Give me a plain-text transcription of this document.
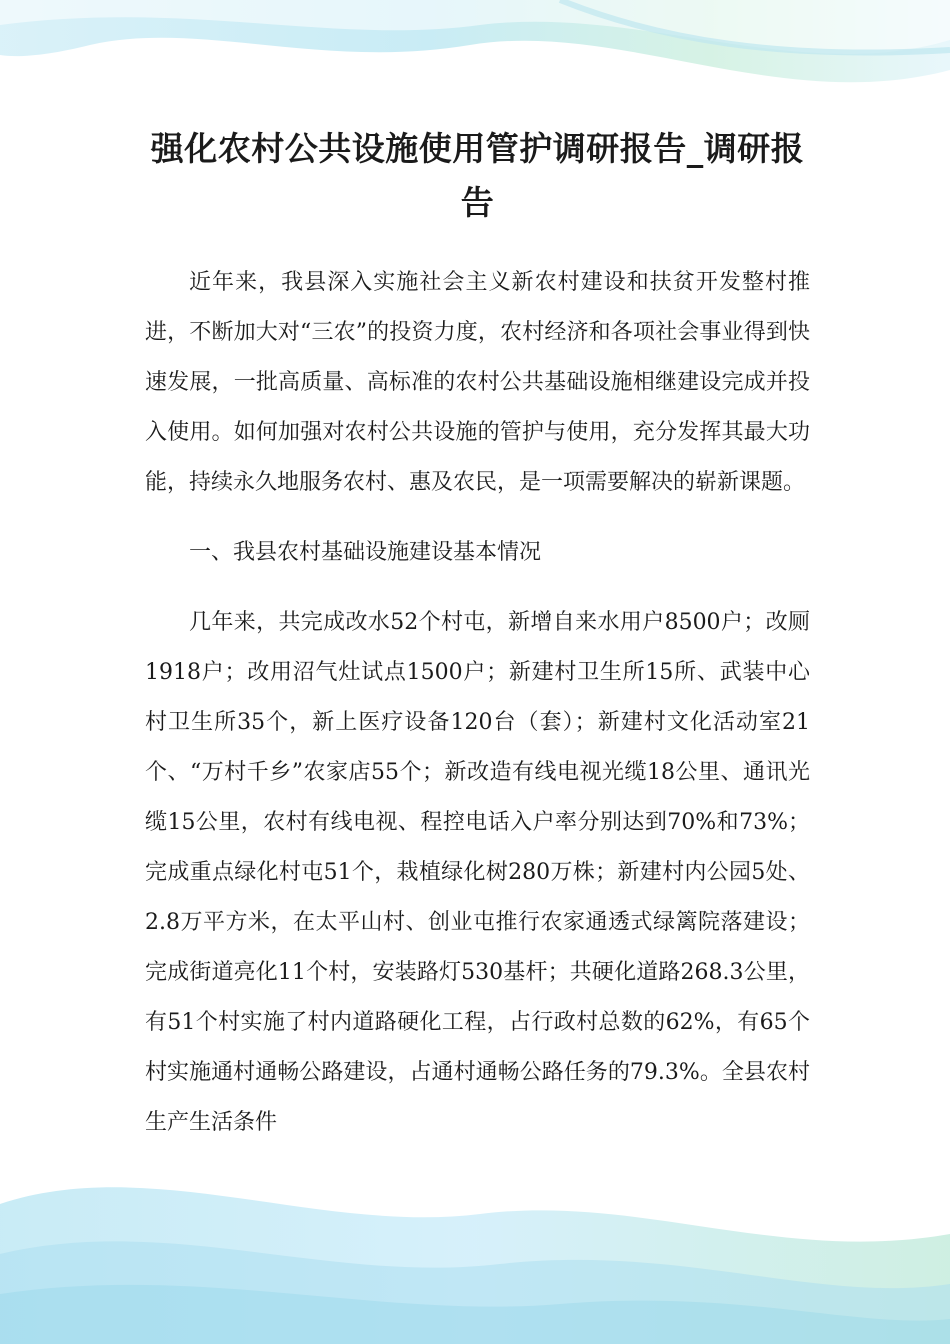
强化农村公共设施使用管护调研报告_调研报告

近年来，我县深入实施社会主义新农村建设和扶贫开发整村推进，不断加大对“三农”的投资力度，农村经济和各项社会事业得到快速发展，一批高质量、高标准的农村公共基础设施相继建设完成并投入使用。如何加强对农村公共设施的管护与使用，充分发挥其最大功能，持续永久地服务农村、惠及农民，是一项需要解决的崭新课题。

一、我县农村基础设施建设基本情况

几年来，共完成改水52个村屯，新增自来水用户8500户；改厕1918户；改用沼气灶试点1500户；新建村卫生所15所、武装中心村卫生所35个，新上医疗设备120台（套）；新建村文化活动室21个、“万村千乡”农家店55个；新改造有线电视光缆18公里、通讯光缆15公里，农村有线电视、程控电话入户率分别达到70%和73%；完成重点绿化村屯51个，栽植绿化树280万株；新建村内公园5处、2.8万平方米，在太平山村、创业屯推行农家通透式绿篱院落建设；完成街道亮化11个村，安装路灯530基杆；共硬化道路268.3公里，有51个村实施了村内道路硬化工程，占行政村总数的62%，有65个村实施通村通畅公路建设，占通村通畅公路任务的79.3%。全县农村生产生活条件
